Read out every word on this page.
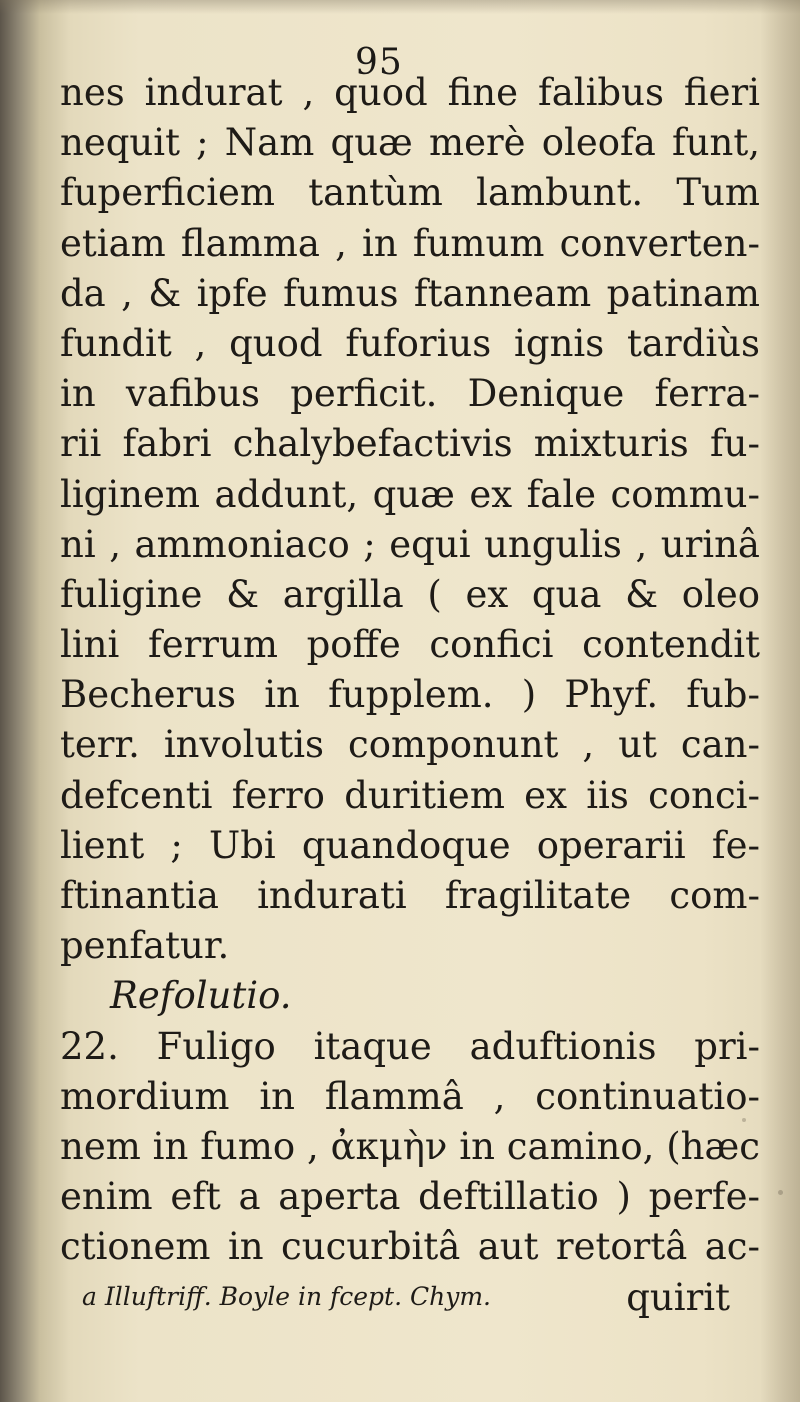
95
nes indurat , quod fine falibus fieri
nequit ; Nam quæ merè oleofa funt,
fuperficiem tantùm lambunt. Tum
etiam flamma , in fumum converten-
da , & ipfe fumus ftanneam patinam
fundit , quod fuforius ignis tardiùs
in vafibus perficit. Denique ferra-
rii fabri chalybefactivis mixturis fu-
liginem addunt, quæ ex fale commu-
ni , ammoniaco ; equi ungulis , urinâ
fuligine & argilla ( ex qua & oleo
lini ferrum poffe confici contendit
Becherus in fupplem. ) Phyf. fub-
terr. involutis componunt , ut can-
defcenti ferro duritiem ex iis conci-
lient ; Ubi quandoque operarii fe-
ftinantia indurati fragilitate com-
penfatur.
Refolutio.
22. Fuligo itaque aduftionis pri-
mordium in flammâ , continuatio-
nem in fumo , ἀκμὴν in camino, (hæc
enim eft a aperta deftillatio ) perfe-
ctionem in cucurbitâ aut retortâ ac-
quirit
a Illuftriff. Boyle in fcept. Chym.
